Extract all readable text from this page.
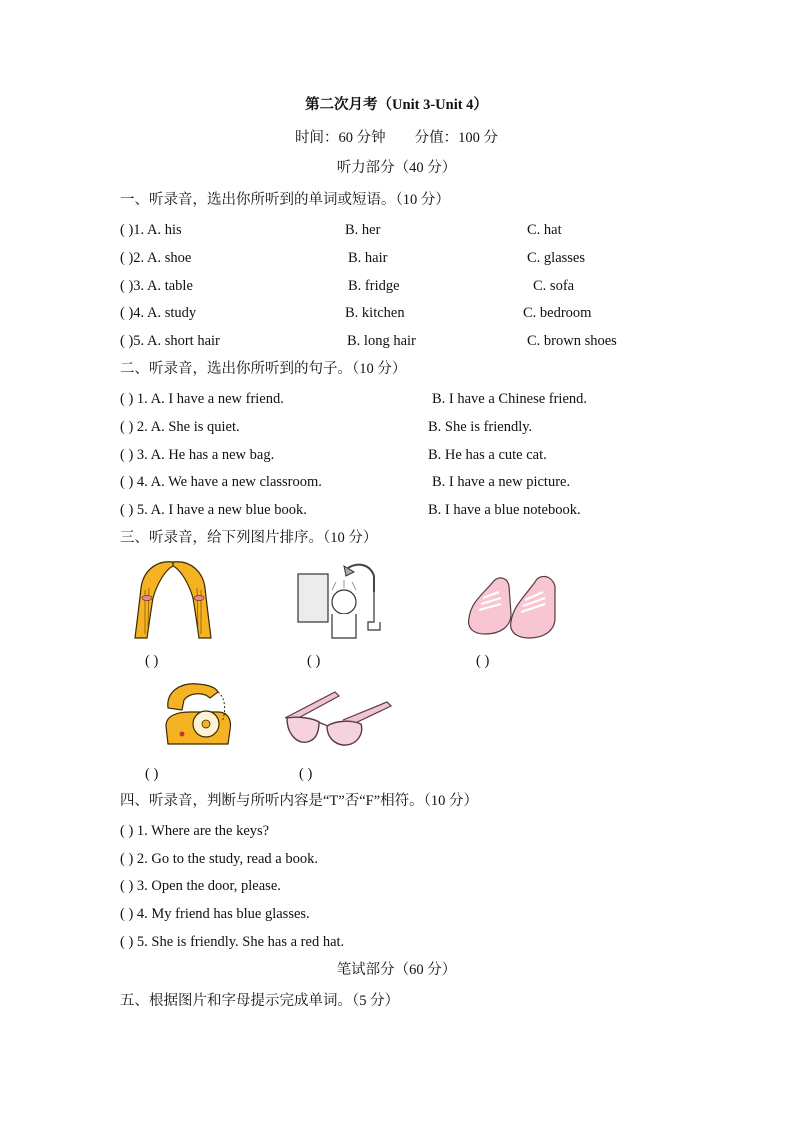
第二次月考（Unit 3-Unit 4）
时间：60 分钟　　分值：100 分
听力部分（40 分）
一、听录音，选出你所听到的单词或短语。（10 分）
( )1. A. his	B. her	C. hat
( )2. A. shoe	B. hair	C. glasses
( )3. A. table	B. fridge	C. sofa
( )4. A. study	B. kitchen	C. bedroom
( )5. A. short hair	B. long hair	C. brown shoes
二、听录音，选出你所听到的句子。（10 分）
( ) 1. A. I have a new friend.	B. I have a Chinese friend.
( ) 2. A. She is quiet.	B. She is friendly.
( ) 3. A. He has a new bag.	B. He has a cute cat.
( ) 4. A. We have a new classroom.	B. I have a new picture.
( ) 5. A. I have a new blue book.	B. I have a blue notebook.
三、听录音，给下列图片排序。（10 分）
( )	( )	( )
( )	( )
四、听录音，判断与所听内容是“T”否“F”相符。（10 分）
( ) 1. Where are the keys?
( ) 2. Go to the study, read a book.
( ) 3. Open the door, please.
( ) 4. My friend has blue glasses.
( ) 5. She is friendly. She has a red hat.
笔试部分（60 分）
五、根据图片和字母提示完成单词。（5 分）
